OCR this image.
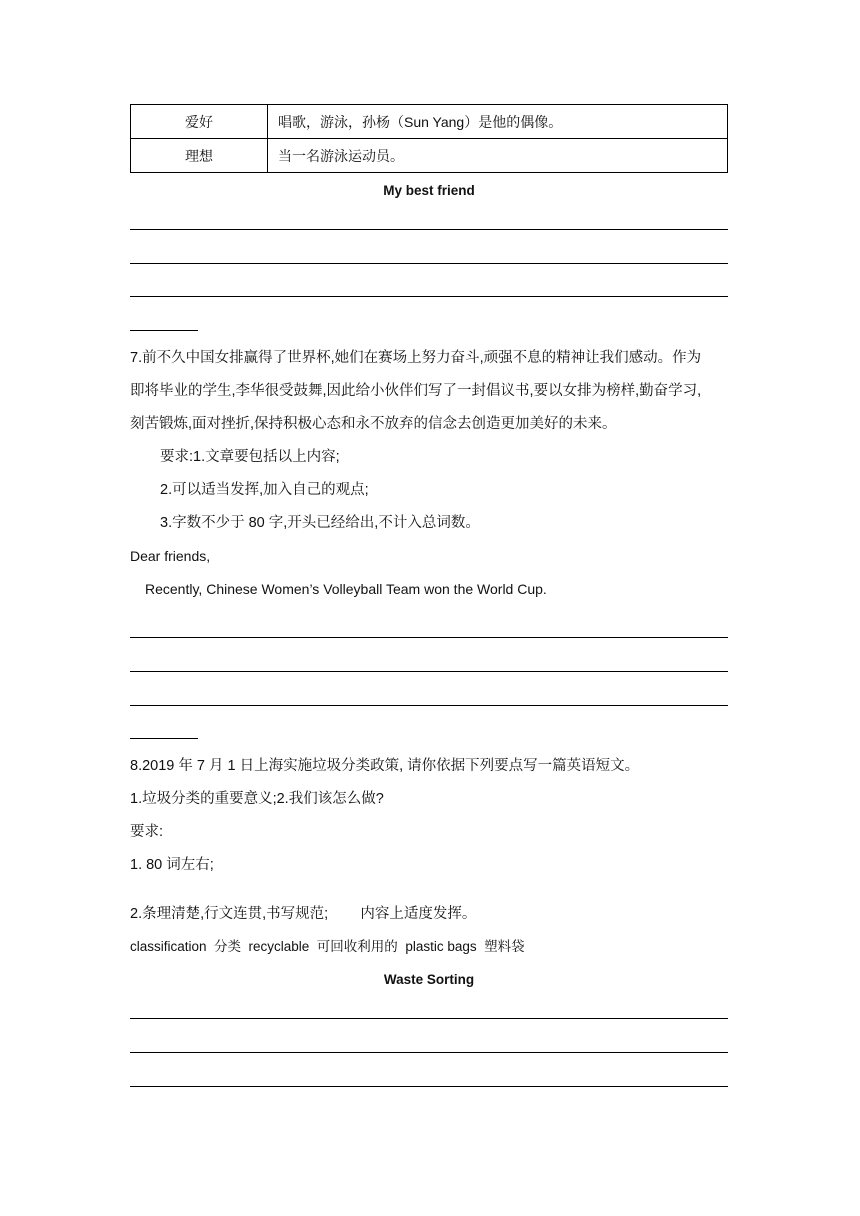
爱好	唱歌，游泳，孙杨（Sun Yang）是他的偶像。
理想	当一名游泳运动员。
My best friend
7.前不久中国女排赢得了世界杯,她们在赛场上努力奋斗,顽强不息的精神让我们感动。作为
即将毕业的学生,李华很受鼓舞,因此给小伙伴们写了一封倡议书,要以女排为榜样,勤奋学习,
刻苦锻炼,面对挫折,保持积极心态和永不放弃的信念去创造更加美好的未来。
要求:1.文章要包括以上内容;
2.可以适当发挥,加入自己的观点;
3.字数不少于 80 字,开头已经给出,不计入总词数。
Dear friends,
Recently, Chinese Women’s Volleyball Team won the World Cup.
8.2019 年 7 月 1 日上海实施垃圾分类政策, 请你依据下列要点写一篇英语短文。
1.垃圾分类的重要意义;2.我们该怎么做?
要求:
1. 80 词左右;
2.条理清楚,行文连贯,书写规范;        内容上适度发挥。
classification  分类  recyclable  可回收利用的  plastic bags  塑料袋
Waste Sorting
